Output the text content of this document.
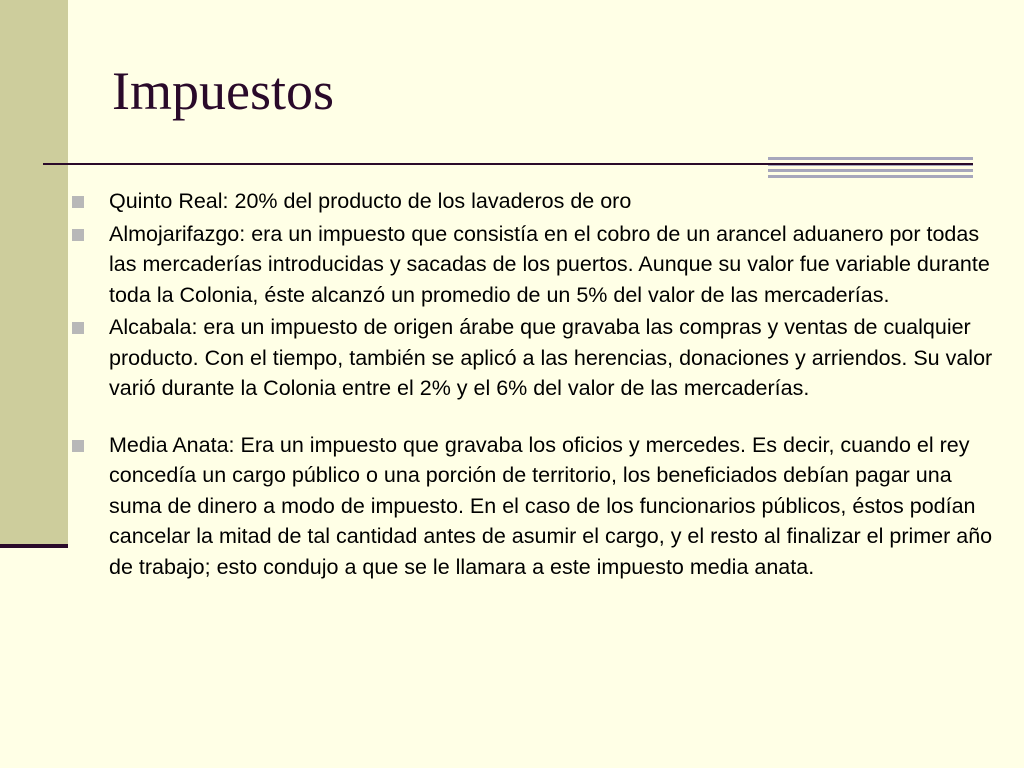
Impuestos
Quinto Real: 20% del producto de los lavaderos de oro
Almojarifazgo: era un impuesto que consistía en el cobro de un arancel aduanero por todas las mercaderías introducidas y sacadas de los puertos. Aunque su valor fue variable durante toda la Colonia, éste alcanzó un promedio de un 5% del valor de las mercaderías.
Alcabala: era un impuesto de origen árabe que gravaba las compras y ventas de cualquier producto. Con el tiempo, también se aplicó a las herencias, donaciones y arriendos. Su valor varió durante la Colonia entre el 2% y el 6% del valor de las mercaderías.
Media Anata: Era un impuesto que gravaba los oficios y mercedes. Es decir, cuando el rey concedía un cargo público o una porción de territorio, los beneficiados debían pagar una suma de dinero a modo de impuesto. En el caso de los funcionarios públicos, éstos podían cancelar la mitad de tal cantidad antes de asumir el cargo, y el resto al finalizar el primer año de trabajo; esto condujo a que se le llamara a este impuesto media anata.
